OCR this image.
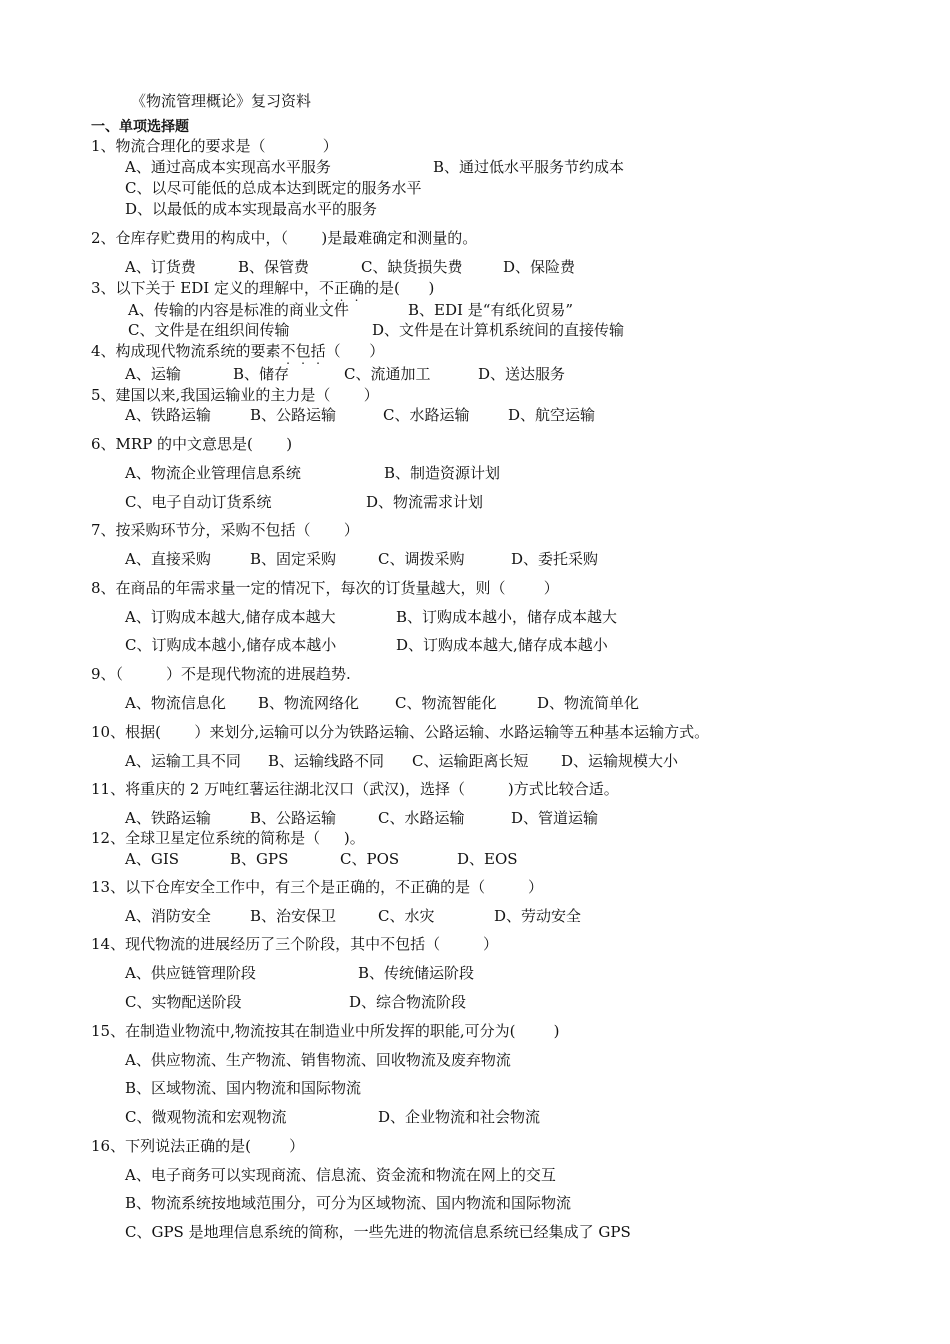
《物流管理概论》复习资料
一、单项选择题
1、物流合理化的要求是（            ）
A、通过高成本实现高水平服务	B、通过低水平服务节约成本
C、以尽可能低的总成本达到既定的服务水平
D、以最低的成本实现最高水平的服务
2、仓库存贮费用的构成中，（       )是最难确定和测量的。
A、订货费	B、保管费	C、缺货损失费	D、保险费
3、以下关于 EDI 定义的理解中，不正确的是(      )
A、传输的内容是标准的商业文件	B、EDI 是“有纸化贸易”
C、文件是在组织间传输	D、文件是在计算机系统间的直接传输
4、构成现代物流系统的要素不包括（      ）
A、运输	B、储存	C、流通加工	D、送达服务
5、建国以来,我国运输业的主力是（       ）
A、铁路运输	B、公路运输	C、水路运输	D、航空运输
6、MRP 的中文意思是(       )
A、物流企业管理信息系统	B、制造资源计划
C、电子自动订货系统	D、物流需求计划
7、按采购环节分，采购不包括（       ）
A、直接采购	B、固定采购	C、调拨采购	D、委托采购
8、在商品的年需求量一定的情况下，每次的订货量越大，则（        ）
A、订购成本越大,储存成本越大	B、订购成本越小，储存成本越大
C、订购成本越小,储存成本越小	D、订购成本越大,储存成本越小
9、（         ）不是现代物流的进展趋势.
A、物流信息化 B、物流网络化 C、物流智能化	D、物流简单化
10、根据(       ）来划分,运输可以分为铁路运输、公路运输、水路运输等五种基本运输方式。
A、运输工具不同 B、运输线路不同 C、运输距离长短 D、运输规模大小
11、将重庆的 2 万吨红薯运往湖北汉口（武汉)，选择（         )方式比较合适。
A、铁路运输	B、公路运输	C、水路运输	D、管道运输
12、全球卫星定位系统的简称是（     )。
A、GIS	B、GPS	C、POS	D、EOS
13、以下仓库安全工作中，有三个是正确的，不正确的是（         ）
A、消防安全	B、治安保卫	C、水灾	D、劳动安全
14、现代物流的进展经历了三个阶段，其中不包括（         ）
A、供应链管理阶段	B、传统储运阶段
C、实物配送阶段	D、综合物流阶段
15、在制造业物流中,物流按其在制造业中所发挥的职能,可分为(        )
A、供应物流、生产物流、销售物流、回收物流及废弃物流
B、区域物流、国内物流和国际物流
C、微观物流和宏观物流	D、企业物流和社会物流
16、下列说法正确的是(        ）
A、电子商务可以实现商流、信息流、资金流和物流在网上的交互
B、物流系统按地域范围分，可分为区域物流、国内物流和国际物流
C、GPS 是地理信息系统的简称，一些先进的物流信息系统已经集成了 GPS
